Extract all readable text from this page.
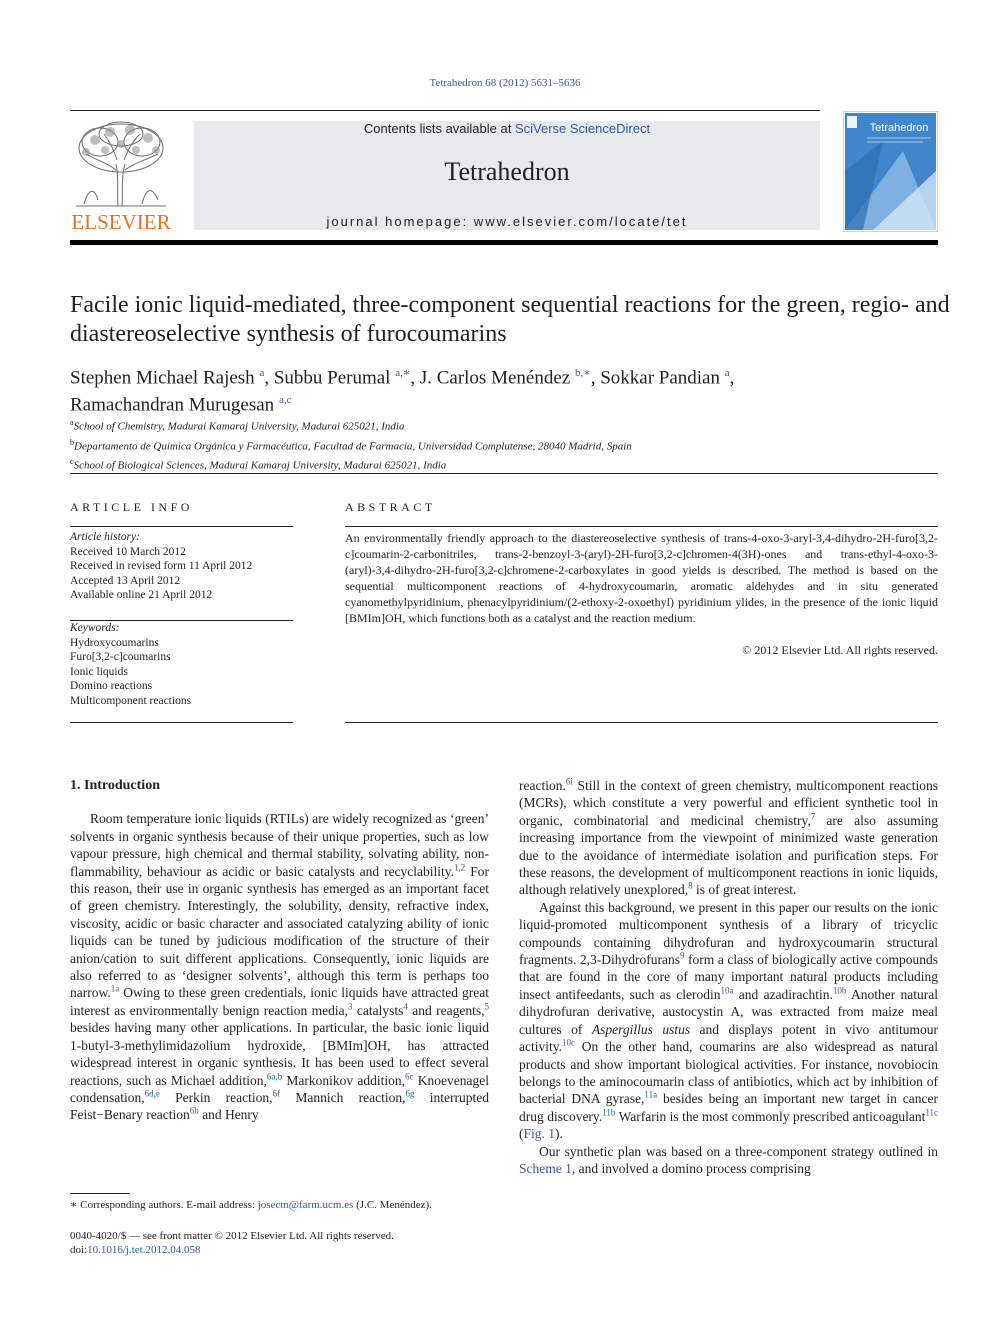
Tetrahedron 68 (2012) 5631–5636
ELSEVIER
Contents lists available at SciVerse ScienceDirect
Tetrahedron
journal homepage: www.elsevier.com/locate/tet
Tetrahedron
Facile ionic liquid-mediated, three-component sequential reactions for the green, regio- and diastereoselective synthesis of furocoumarins
Stephen Michael Rajesh $^a$, Subbu Perumal $^{a,∗}$, J. Carlos Menéndez $^{b,∗}$, Sokkar Pandian $^a$,
Ramachandran Murugesan $^{a,c}$
$^a$School of Chemistry, Madurai Kamaraj University, Madurai 625021, India
$^b$Departamento de Química Orgánica y Farmacéutica, Facultad de Farmacia, Universidad Complutense, 28040 Madrid, Spain
$^c$School of Biological Sciences, Madurai Kamaraj University, Madurai 625021, India
ARTICLE INFO	ABSTRACT
Article history:
Received 10 March 2012
Received in revised form 11 April 2012
Accepted 13 April 2012
Available online 21 April 2012
Keywords:
Hydroxycoumarins
Furo[3,2-c]coumarins
Ionic liquids
Domino reactions
Multicomponent reactions
An environmentally friendly approach to the diastereoselective synthesis of trans-4-oxo-3-aryl-3,4-dihydro-2H-furo[3,2-c]coumarin-2-carbonitriles, trans-2-benzoyl-3-(aryl)-2H-furo[3,2-c]chromen-4(3H)-ones and trans-ethyl-4-oxo-3-(aryl)-3,4-dihydro-2H-furo[3,2-c]chromene-2-carboxylates in good yields is described. The method is based on the sequential multicomponent reactions of 4-hydroxycoumarin, aromatic aldehydes and in situ generated cyanomethylpyridinium, phenacylpyridinium/(2-ethoxy-2-oxoethyl) pyridinium ylides, in the presence of the ionic liquid [BMIm]OH, which functions both as a catalyst and the reaction medium.
© 2012 Elsevier Ltd. All rights reserved.

1. Introduction

Room temperature ionic liquids (RTILs) are widely recognized as ‘green’ solvents in organic synthesis because of their unique properties, such as low vapour pressure, high chemical and thermal stability, solvating ability, non-flammability, behaviour as acidic or basic catalysts and recyclability.$^{1,2}$ For this reason, their use in organic synthesis has emerged as an important facet of green chemistry. Interestingly, the solubility, density, refractive index, viscosity, acidic or basic character and associated catalyzing ability of ionic liquids can be tuned by judicious modification of the structure of their anion/cation to suit different applications. Consequently, ionic liquids are also referred to as ‘designer solvents’, although this term is perhaps too narrow.$^{1a}$ Owing to these green credentials, ionic liquids have attracted great interest as environmentally benign reaction media,$^3$ catalysts$^4$ and reagents,$^5$ besides having many other applications. In particular, the basic ionic liquid 1-butyl-3-methylimidazolium hydroxide, [BMIm]OH, has attracted widespread interest in organic synthesis. It has been used to effect several reactions, such as Michael addition,$^{6a,b}$ Markonikov addition,$^{6c}$ Knoevenagel condensation,$^{6d,e}$ Perkin reaction,$^{6f}$ Mannich reaction,$^{6g}$ interrupted Feist−Benary reaction$^{6h}$ and Henry

reaction.$^{6i}$ Still in the context of green chemistry, multicomponent reactions (MCRs), which constitute a very powerful and efficient synthetic tool in organic, combinatorial and medicinal chemistry,$^7$ are also assuming increasing importance from the viewpoint of minimized waste generation due to the avoidance of intermediate isolation and purification steps. For these reasons, the development of multicomponent reactions in ionic liquids, although relatively unexplored,$^8$ is of great interest.

Against this background, we present in this paper our results on the ionic liquid-promoted multicomponent synthesis of a library of tricyclic compounds containing dihydrofuran and hydroxycoumarin structural fragments. 2,3-Dihydrofurans$^9$ form a class of biologically active compounds that are found in the core of many important natural products including insect antifeedants, such as clerodin$^{10a}$ and azadirachtin.$^{10b}$ Another natural dihydrofuran derivative, austocystin A, was extracted from maize meal cultures of Aspergillus ustus and displays potent in vivo antitumour activity.$^{10c}$ On the other hand, coumarins are also widespread as natural products and show important biological activities. For instance, novobiocin belongs to the aminocoumarin class of antibiotics, which act by inhibition of bacterial DNA gyrase,$^{11a}$ besides being an important new target in cancer drug discovery.$^{11b}$ Warfarin is the most commonly prescribed anticoagulant$^{11c}$ (Fig. 1).

Our synthetic plan was based on a three-component strategy outlined in Scheme 1, and involved a domino process comprising

∗ Corresponding authors. E-mail address: josecm@farm.ucm.es (J.C. Menéndez).
0040-4020/$ — see front matter © 2012 Elsevier Ltd. All rights reserved.
doi:10.1016/j.tet.2012.04.058
